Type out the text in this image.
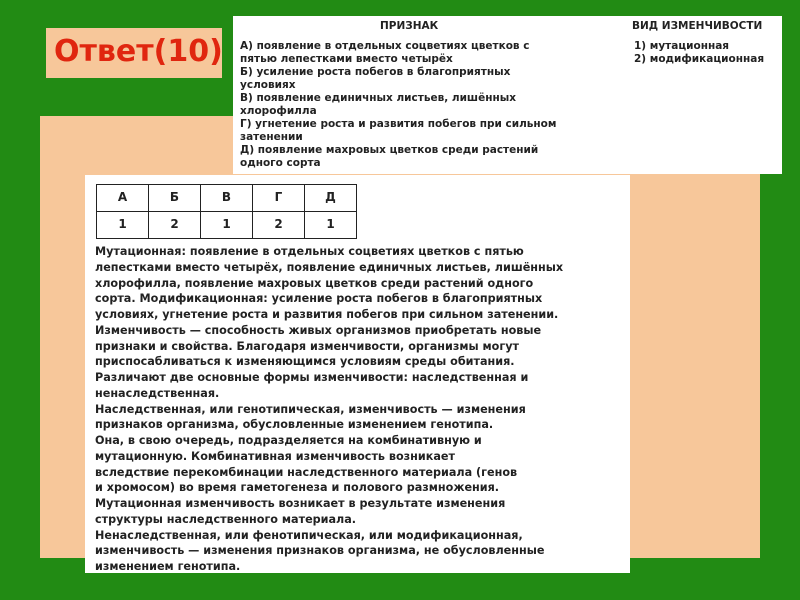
Ответ(10)
ПРИЗНАК	ВИД ИЗМЕНЧИВОСТИ
А) появление в отдельных соцветиях цветков с
пятью лепестками вместо четырёх
Б) усиление роста побегов в благоприятных
условиях
В) появление единичных листьев, лишённых
хлорофилла
Г) угнетение роста и развития побегов при сильном
затенении
Д) появление махровых цветков среди растений
одного сорта
1) мутационная
2) модификационная
А	Б	В	Г	Д
1	2	1	2	1
Мутационная: появление в отдельных соцветиях цветков с пятью
лепестками вместо четырёх, появление единичных листьев, лишённых
хлорофилла, появление махровых цветков среди растений одного
сорта. Модификационная: усиление роста побегов в благоприятных
условиях, угнетение роста и развития побегов при сильном затенении.
Изменчивость — способность живых организмов приобретать новые
признаки и свойства. Благодаря изменчивости, организмы могут
приспосабливаться к изменяющимся условиям среды обитания.
Различают две основные формы изменчивости: наследственная и
ненаследственная.
Наследственная, или генотипическая, изменчивость — изменения
признаков организма, обусловленные изменением генотипа.
Она, в свою очередь, подразделяется на комбинативную и
мутационную. Комбинативная изменчивость возникает
вследствие перекомбинации наследственного материала (генов
и хромосом) во время гаметогенеза и полового размножения.
Мутационная изменчивость возникает в результате изменения
структуры наследственного материала.
Ненаследственная, или фенотипическая, или модификационная,
изменчивость — изменения признаков организма, не обусловленные
изменением генотипа.
